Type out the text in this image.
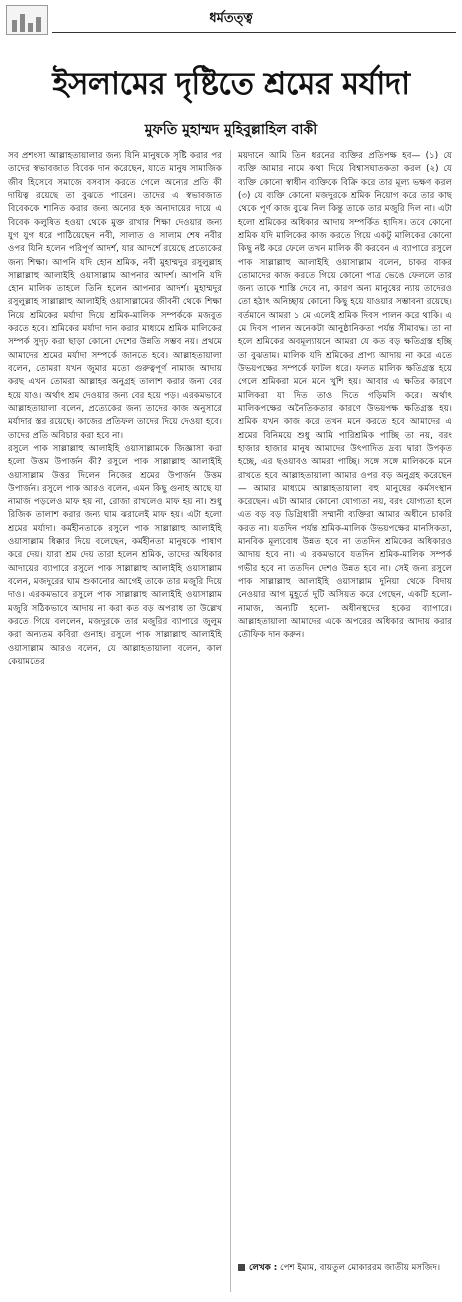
ধর্মতত্ত্ব
ইসলামের দৃষ্টিতে শ্রমের মর্যাদা
মুফতি মুহাম্মদ মুহিবুল্লাহিল বাকী

সব প্রশংসা আল্লাহতায়ালার জন্য যিনি মানুষকে সৃষ্টি করার পর তাদের স্বভাবজাত বিবেক দান করেছেন, যাতে মানুষ সামাজিক জীব হিসেবে সমাজে বসবাস করতে গেলে অন্যের প্রতি কী দায়িত্ব রয়েছে তা বুঝতে পারেন। তাদের এ স্বভাবজাত বিবেককে শানিত করার জন্য অন্যের হক অনাদায়ের দায়ে এ বিবেক কলুষিত হওয়া থেকে মুক্ত রাখার শিক্ষা দেওয়ার জন্য যুগ যুগ ধরে পাঠিয়েছেন নবী, সালাত ও সালাম শেষ নবীর ওপর যিনি হলেন পরিপূর্ণ আদর্শ, যার আদর্শে রয়েছে প্রত্যেকের জন্য শিক্ষা। আপনি যদি হোন শ্রমিক, নবী মুহাম্মদুর রসুলুল্লাহ সাল্লাল্লাহু আলাইহি ওয়াসাল্লাম আপনার আদর্শ। আপনি যদি হোন মালিক তাহলে তিনি হলেন আপনার আদর্শ। মুহাম্মদুর রসুলুল্লাহ সাল্লাল্লাহু আলাইহি ওয়াসাল্লামের জীবনী থেকে শিক্ষা নিয়ে শ্রমিকের মর্যাদা দিয়ে শ্রমিক-মালিক সম্পর্ককে মজবুত করতে হবে। শ্রমিকের মর্যাদা দান করার মাধ্যমে শ্রমিক মালিকের সম্পর্ক সুদৃঢ় করা ছাড়া কোনো দেশের উন্নতি সম্ভব নয়। প্রথমে আমাদের শ্রমের মর্যাদা সম্পর্কে জানতে হবে। আল্লাহতায়ালা বলেন, তোমরা যখন জুমার মতো গুরুত্বপূর্ণ নামাজ আদায় করছ এখন তোমরা আল্লাহর অনুগ্রহ তালাশ করার জন্য বের হয়ে যাও। অর্থাৎ শ্রম দেওয়ার জন্য বের হয়ে পড়। এরকমভাবে আল্লাহতায়ালা বলেন, প্রত্যেকের জন্য তাদের কাজ অনুসারে মর্যাদার স্তর রয়েছে। কাজের প্রতিফল তাদের দিয়ে দেওয়া হবে। তাদের প্রতি অবিচার করা হবে না।

রসুলে পাক সাল্লাল্লাহু আলাইহি ওয়াসাল্লামকে জিজ্ঞাসা করা হলো উত্তম উপার্জন কী? রসুলে পাক সাল্লাল্লাহু আলাইহি ওয়াসাল্লাম উত্তর দিলেন নিজের শ্রমের উপার্জন উত্তম উপার্জন। রসুলে পাক আরও বলেন, এমন কিছু গুনাহ আছে যা নামাজ পড়লেও মাফ হয় না, রোজা রাখলেও মাফ হয় না। শুধু রিজিক তালাশ করার জন্য ঘাম ঝরালেই মাফ হয়। এটা হলো শ্রমের মর্যাদা। কর্মহীনতাকে রসুলে পাক সাল্লাল্লাহু আলাইহি ওয়াসাল্লাম ধিক্কার দিয়ে বলেছেন, কর্মহীনতা মানুষকে পাষাণ করে দেয়। যারা শ্রম দেয় তারা হলেন শ্রমিক, তাদের অধিকার আদায়ের ব্যাপারে রসুলে পাক সাল্লাল্লাহু আলাইহি ওয়াসাল্লাম বলেন, মজদুরের ঘাম শুকানোর আগেই তাকে তার মজুরি দিয়ে দাও। এরকমভাবে রসুলে পাক সাল্লাল্লাহু আলাইহি ওয়াসাল্লাম মজুরি সঠিকভাবে আদায় না করা কত বড় অপরাধ তা উল্লেখ করতে গিয়ে বললেন, মজদুরকে তার মজুরির ব্যাপারে জুলুম করা অন্যতম কবিরা গুনাহ। রসুলে পাক সাল্লাল্লাহু আলাইহি ওয়াসাল্লাম আরও বলেন, যে আল্লাহতায়ালা বলেন, কাল কেয়ামতের

ময়দানে আমি তিন ধরনের ব্যক্তির প্রতিপক্ষ হব— (১) যে ব্যক্তি আমার নামে কথা দিয়ে বিশ্বাসঘাতকতা করল (২) যে ব্যক্তি কোনো স্বাধীন ব্যক্তিকে বিক্রি করে তার মূল্য ভক্ষণ করল (৩) যে ব্যক্তি কোনো মজদুরকে শ্রমিক নিয়োগ করে তার কাছ থেকে পূর্ণ কাজ বুঝে নিল কিন্তু তাকে তার মজুরি দিল না। এটা হলো শ্রমিকের অধিকার আদায় সম্পর্কিত হাদিস। তবে কোনো শ্রমিক যদি মালিকের কাজ করতে গিয়ে একটু মালিকের কোনো কিছু নষ্ট করে ফেলে তখন মালিক কী করবেন এ ব্যাপারে রসুলে পাক সাল্লাল্লাহু আলাইহি ওয়াসাল্লাম বলেন, চাকর বাকর তোমাদের কাজ করতে গিয়ে কোনো পাত্র ভেঙে ফেললে তার জন্য তাকে শাস্তি দেবে না, কারণ অন্য মানুষের ন্যায় তাদেরও তো হঠাৎ অনিচ্ছায় কোনো কিছু হয়ে যাওয়ার সম্ভাবনা রয়েছে। বর্তমানে আমরা ১ মে এলেই শ্রমিক দিবস পালন করে থাকি। এ মে দিবস পালন অনেকটা আনুষ্ঠানিকতা পর্যন্ত সীমাবদ্ধ। তা না হলে শ্রমিকের অবমূল্যায়নে আমরা যে কত বড় ক্ষতিগ্রস্ত হচ্ছি তা বুঝতাম। মালিক যদি শ্রমিকের প্রাপ্য আদায় না করে এতে উভয়পক্ষের সম্পর্কে ফাটল ধরে। ফলত মালিক ক্ষতিগ্রস্ত হয়ে গেলে শ্রমিকরা মনে মনে খুশি হয়। আবার এ ক্ষতির কারণে মালিকরা যা দিত তাও দিতে গড়িমসি করে। অর্থাৎ মালিকপক্ষের অনৈতিকতার কারণে উভয়পক্ষ ক্ষতিগ্রস্ত হয়। শ্রমিক যখন কাজ করে তখন মনে করতে হবে আমাদের এ শ্রমের বিনিময়ে শুধু আমি পারিশ্রমিক পাচ্ছি তা নয়, বরং হাজার হাজার মানুষ আমাদের উৎপাদিত দ্রব্য দ্বারা উপকৃত হচ্ছে, এর ছওয়াবও আমরা পাচ্ছি। সঙ্গে সঙ্গে মালিককে মনে রাখতে হবে আল্লাহতায়ালা আমার ওপর বড় অনুগ্রহ করেছেন— আমার মাধ্যমে আল্লাহতায়ালা বহু মানুষের কর্মসংস্থান করেছেন। এটা আমার কোনো যোগ্যতা নয়, বরং যোগ্যতা হলে এত বড় বড় ডিগ্রিধারী সম্মানী ব্যক্তিরা আমার অধীনে চাকরি করত না। যতদিন পর্যন্ত শ্রমিক-মালিক উভয়পক্ষের মানসিকতা, মানবিক মূল্যবোধ উন্নত হবে না ততদিন শ্রমিকের অধিকারও আদায় হবে না। এ রকমভাবে যতদিন শ্রমিক-মালিক সম্পর্ক গভীর হবে না ততদিন দেশও উন্নত হবে না। সেই জন্য রসুলে পাক সাল্লাল্লাহু আলাইহি ওয়াসাল্লাম দুনিয়া থেকে বিদায় নেওয়ার আগ মুহূর্তে দুটি অসিয়ত করে গেছেন, একটি হলো- নামাজ, অন্যটি হলো- অধীনস্থদের হকের ব্যাপারে। আল্লাহতায়ালা আমাদের একে অপরের অধিকার আদায় করার তৌফিক দান করুন।

লেখক : পেশ ইমাম, বায়তুল মোকাররম জাতীয় মসজিদ।
